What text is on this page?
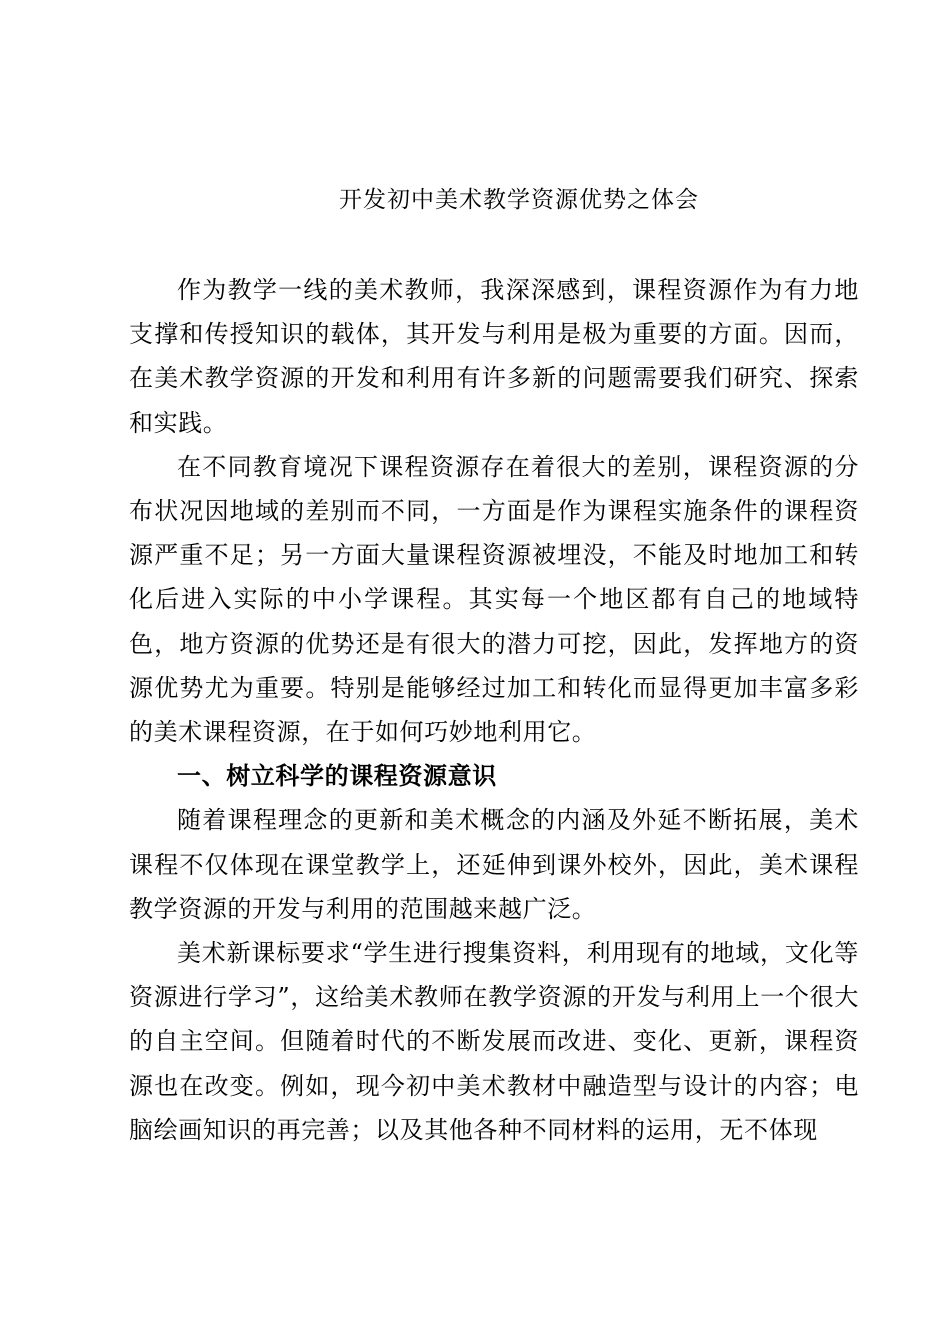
开发初中美术教学资源优势之体会

作为教学一线的美术教师，我深深感到，课程资源作为有力地支撑和传授知识的载体，其开发与利用是极为重要的方面。因而，在美术教学资源的开发和利用有许多新的问题需要我们研究、探索和实践。

在不同教育境况下课程资源存在着很大的差别，课程资源的分布状况因地域的差别而不同，一方面是作为课程实施条件的课程资源严重不足；另一方面大量课程资源被埋没，不能及时地加工和转化后进入实际的中小学课程。其实每一个地区都有自己的地域特色，地方资源的优势还是有很大的潜力可挖，因此，发挥地方的资源优势尤为重要。特别是能够经过加工和转化而显得更加丰富多彩的美术课程资源，在于如何巧妙地利用它。

一、树立科学的课程资源意识

随着课程理念的更新和美术概念的内涵及外延不断拓展，美术课程不仅体现在课堂教学上，还延伸到课外校外，因此，美术课程教学资源的开发与利用的范围越来越广泛。

美术新课标要求“学生进行搜集资料，利用现有的地域，文化等资源进行学习”，这给美术教师在教学资源的开发与利用上一个很大的自主空间。但随着时代的不断发展而改进、变化、更新，课程资源也在改变。例如，现今初中美术教材中融造型与设计的内容；电脑绘画知识的再完善；以及其他各种不同材料的运用，无不体现
